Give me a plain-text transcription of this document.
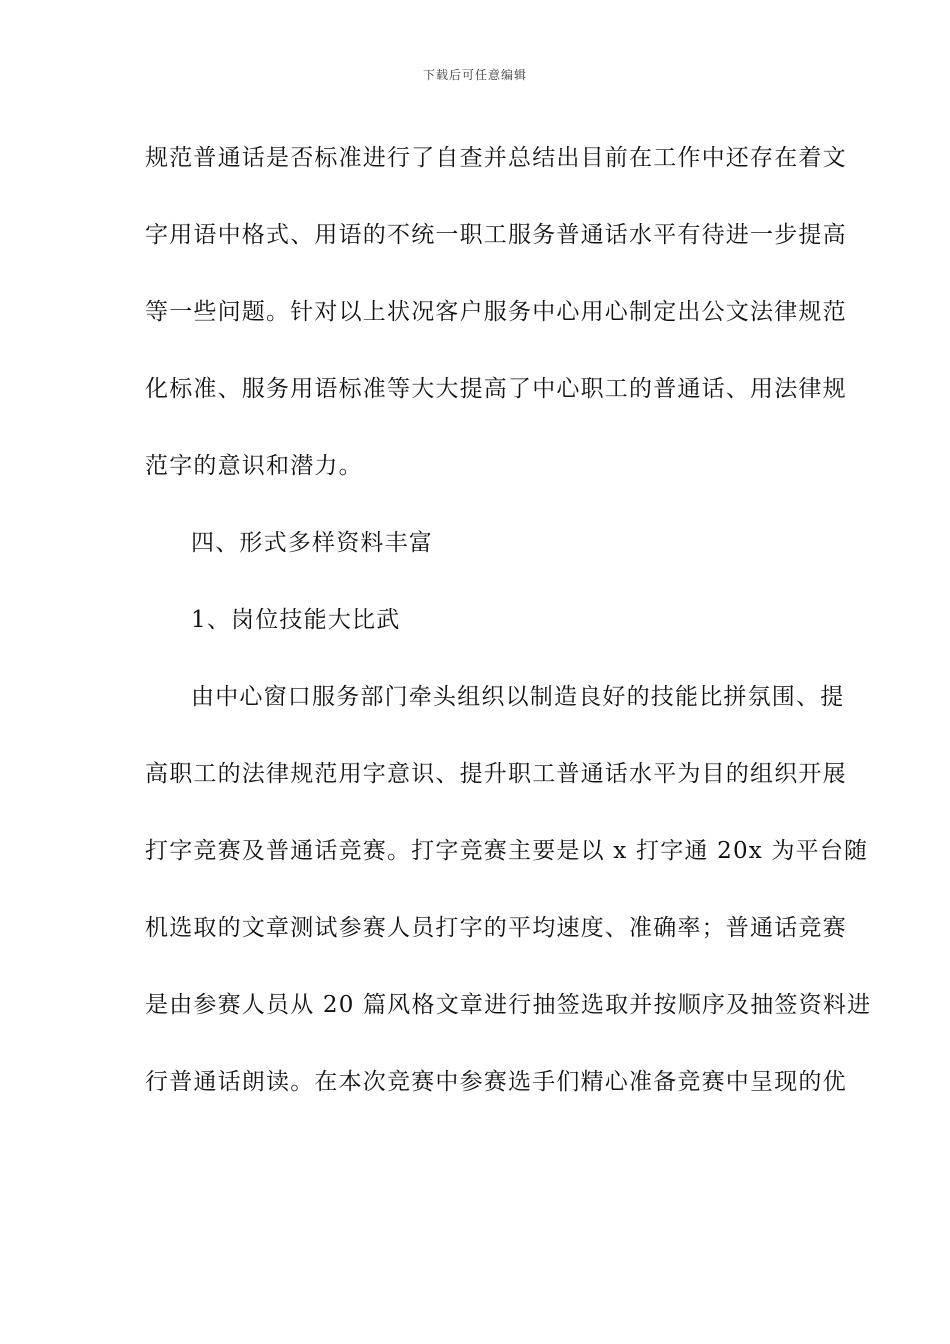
下载后可任意编辑
规范普通话是否标准进行了自查并总结出目前在工作中还存在着文
字用语中格式、用语的不统一职工服务普通话水平有待进一步提高
等一些问题。针对以上状况客户服务中心用心制定出公文法律规范
化标准、服务用语标准等大大提高了中心职工的普通话、用法律规
范字的意识和潜力。
四、形式多样资料丰富
1、岗位技能大比武
由中心窗口服务部门牵头组织以制造良好的技能比拼氛围、提
高职工的法律规范用字意识、提升职工普通话水平为目的组织开展
打字竞赛及普通话竞赛。打字竞赛主要是以 x 打字通 20x 为平台随
机选取的文章测试参赛人员打字的平均速度、准确率；普通话竞赛
是由参赛人员从 20 篇风格文章进行抽签选取并按顺序及抽签资料进
行普通话朗读。在本次竞赛中参赛选手们精心准备竞赛中呈现的优
